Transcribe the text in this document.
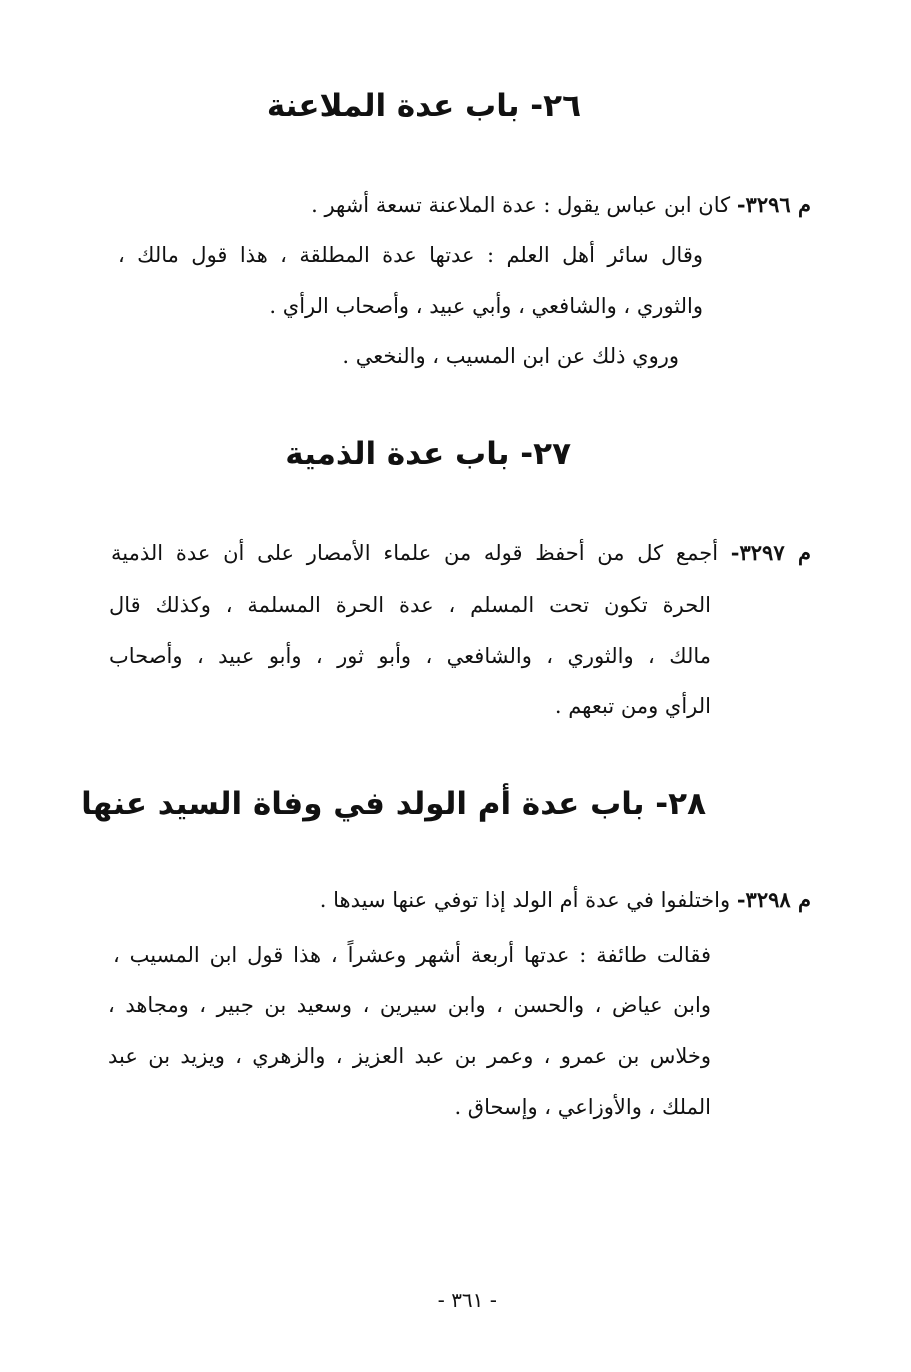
٢٦- باب عدة الملاعنة
م ٣٢٩٦- كان ابن عباس يقول : عدة الملاعنة تسعة أشهر .
وقال سائر أهل العلم : عدتها عدة المطلقة ، هذا قول مالك ،
والثوري ، والشافعي ، وأبي عبيد ، وأصحاب الرأي .
وروي ذلك عن ابن المسيب ، والنخعي .
٢٧- باب عدة الذمية
م ٣٢٩٧- أجمع كل من أحفظ قوله من علماء الأمصار على أن عدة الذمية
الحرة تكون تحت المسلم ، عدة الحرة المسلمة ، وكذلك قال
مالك ، والثوري ، والشافعي ، وأبو ثور ، وأبو عبيد ، وأصحاب
الرأي ومن تبعهم .
٢٨- باب عدة أم الولد في وفاة السيد عنها
م ٣٢٩٨- واختلفوا في عدة أم الولد إذا توفي عنها سيدها .
فقالت طائفة : عدتها أربعة أشهر وعشراً ، هذا قول ابن المسيب ،
وابن عياض ، والحسن ، وابن سيرين ، وسعيد بن جبير ، ومجاهد ،
وخلاس بن عمرو ، وعمر بن عبد العزيز ، والزهري ، ويزيد بن عبد
الملك ، والأوزاعي ، وإسحاق .
- ٣٦١ -
